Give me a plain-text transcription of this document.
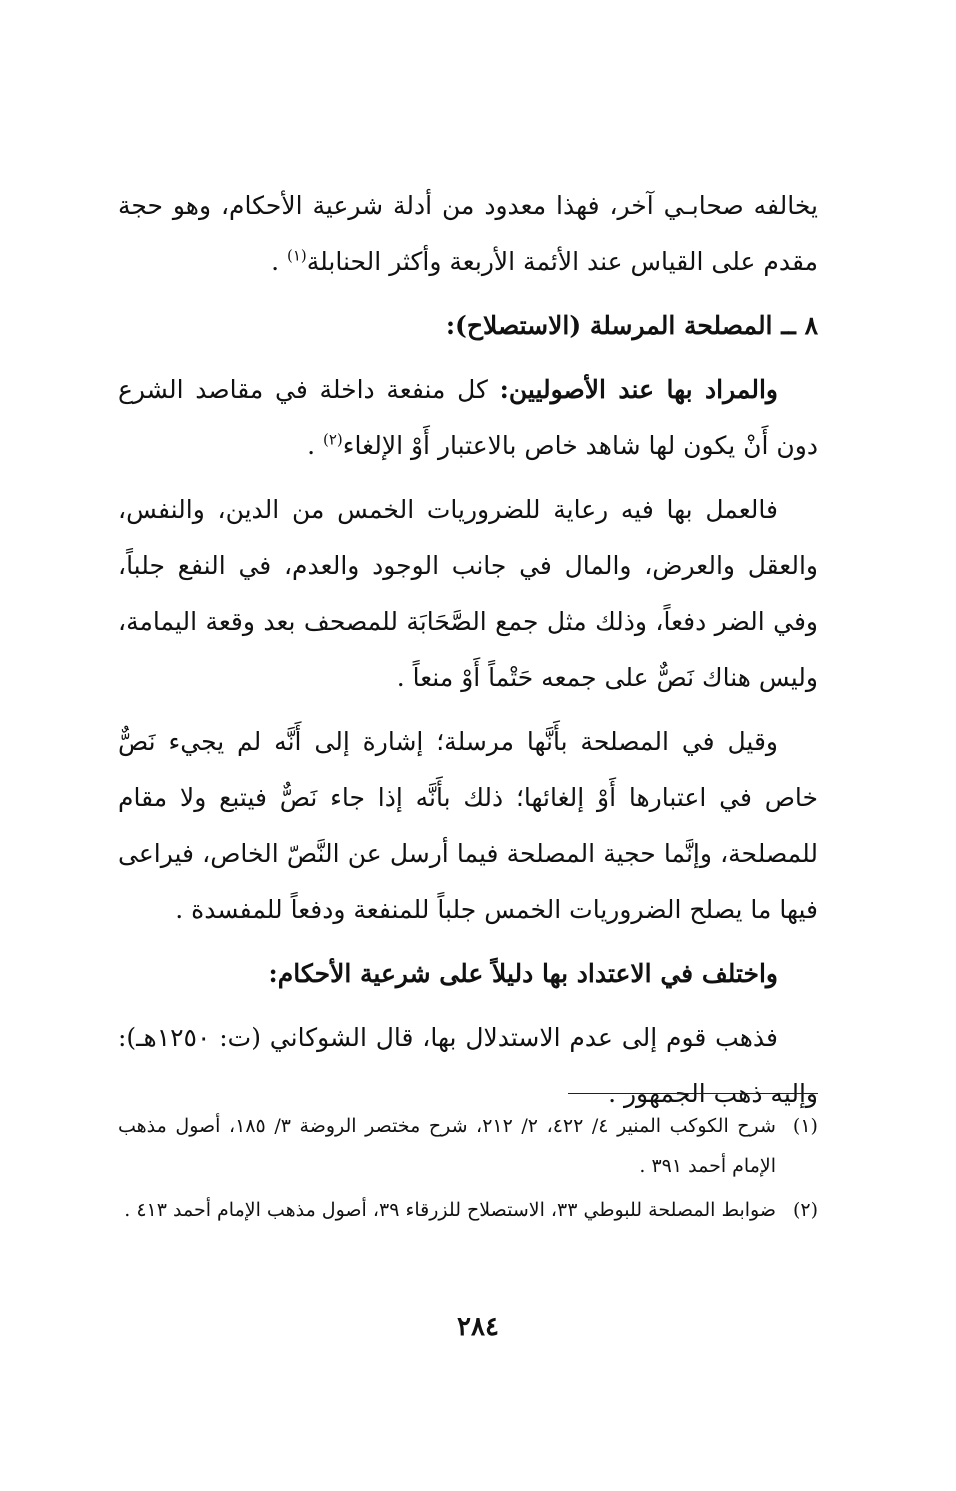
يخالفه صحابـي آخر، فهذا معدود من أدلة شرعية الأحكام، وهو حجة مقدم على القياس عند الأئمة الأربعة وأكثر الحنابلة$^{(١)}$ .

٨ ــ المصلحة المرسلة (الاستصلاح):

والمراد بها عند الأصوليين: كل منفعة داخلة في مقاصد الشرع دون أَنْ يكون لها شاهد خاص بالاعتبار أَوْ الإلغاء$^{(٢)}$ .

فالعمل بها فيه رعاية للضروريات الخمس من الدين، والنفس، والعقل والعرض، والمال في جانب الوجود والعدم، في النفع جلباً، وفي الضر دفعاً، وذلك مثل جمع الصَّحَابَة للمصحف بعد وقعة اليمامة، وليس هناك نَصٌّ على جمعه حَتْماً أَوْ منعاً .

وقيل في المصلحة بأَنَّها مرسلة؛ إشارة إلى أَنَّه لم يجيء نَصٌّ خاص في اعتبارها أَوْ إلغائها؛ ذلك بأَنَّه إذا جاء نَصٌّ فيتبع ولا مقام للمصلحة، وإنَّما حجية المصلحة فيما أرسل عن النَّصّ الخاص، فيراعى فيها ما يصلح الضروريات الخمس جلباً للمنفعة ودفعاً للمفسدة .

واختلف في الاعتداد بها دليلاً على شرعية الأحكام:

فذهب قوم إلى عدم الاستدلال بها، قال الشوكاني (ت: ١٢٥٠هـ): وإليه ذهب الجمهور .

(١)شرح الكوكب المنير ٤/ ٤٢٢، ٢/ ٢١٢، شرح مختصر الروضة ٣/ ١٨٥، أصول مذهب الإمام أحمد ٣٩١ .

(٢)ضوابط المصلحة للبوطي ٣٣، الاستصلاح للزرقاء ٣٩، أصول مذهب الإمام أحمد ٤١٣ .

٢٨٤
